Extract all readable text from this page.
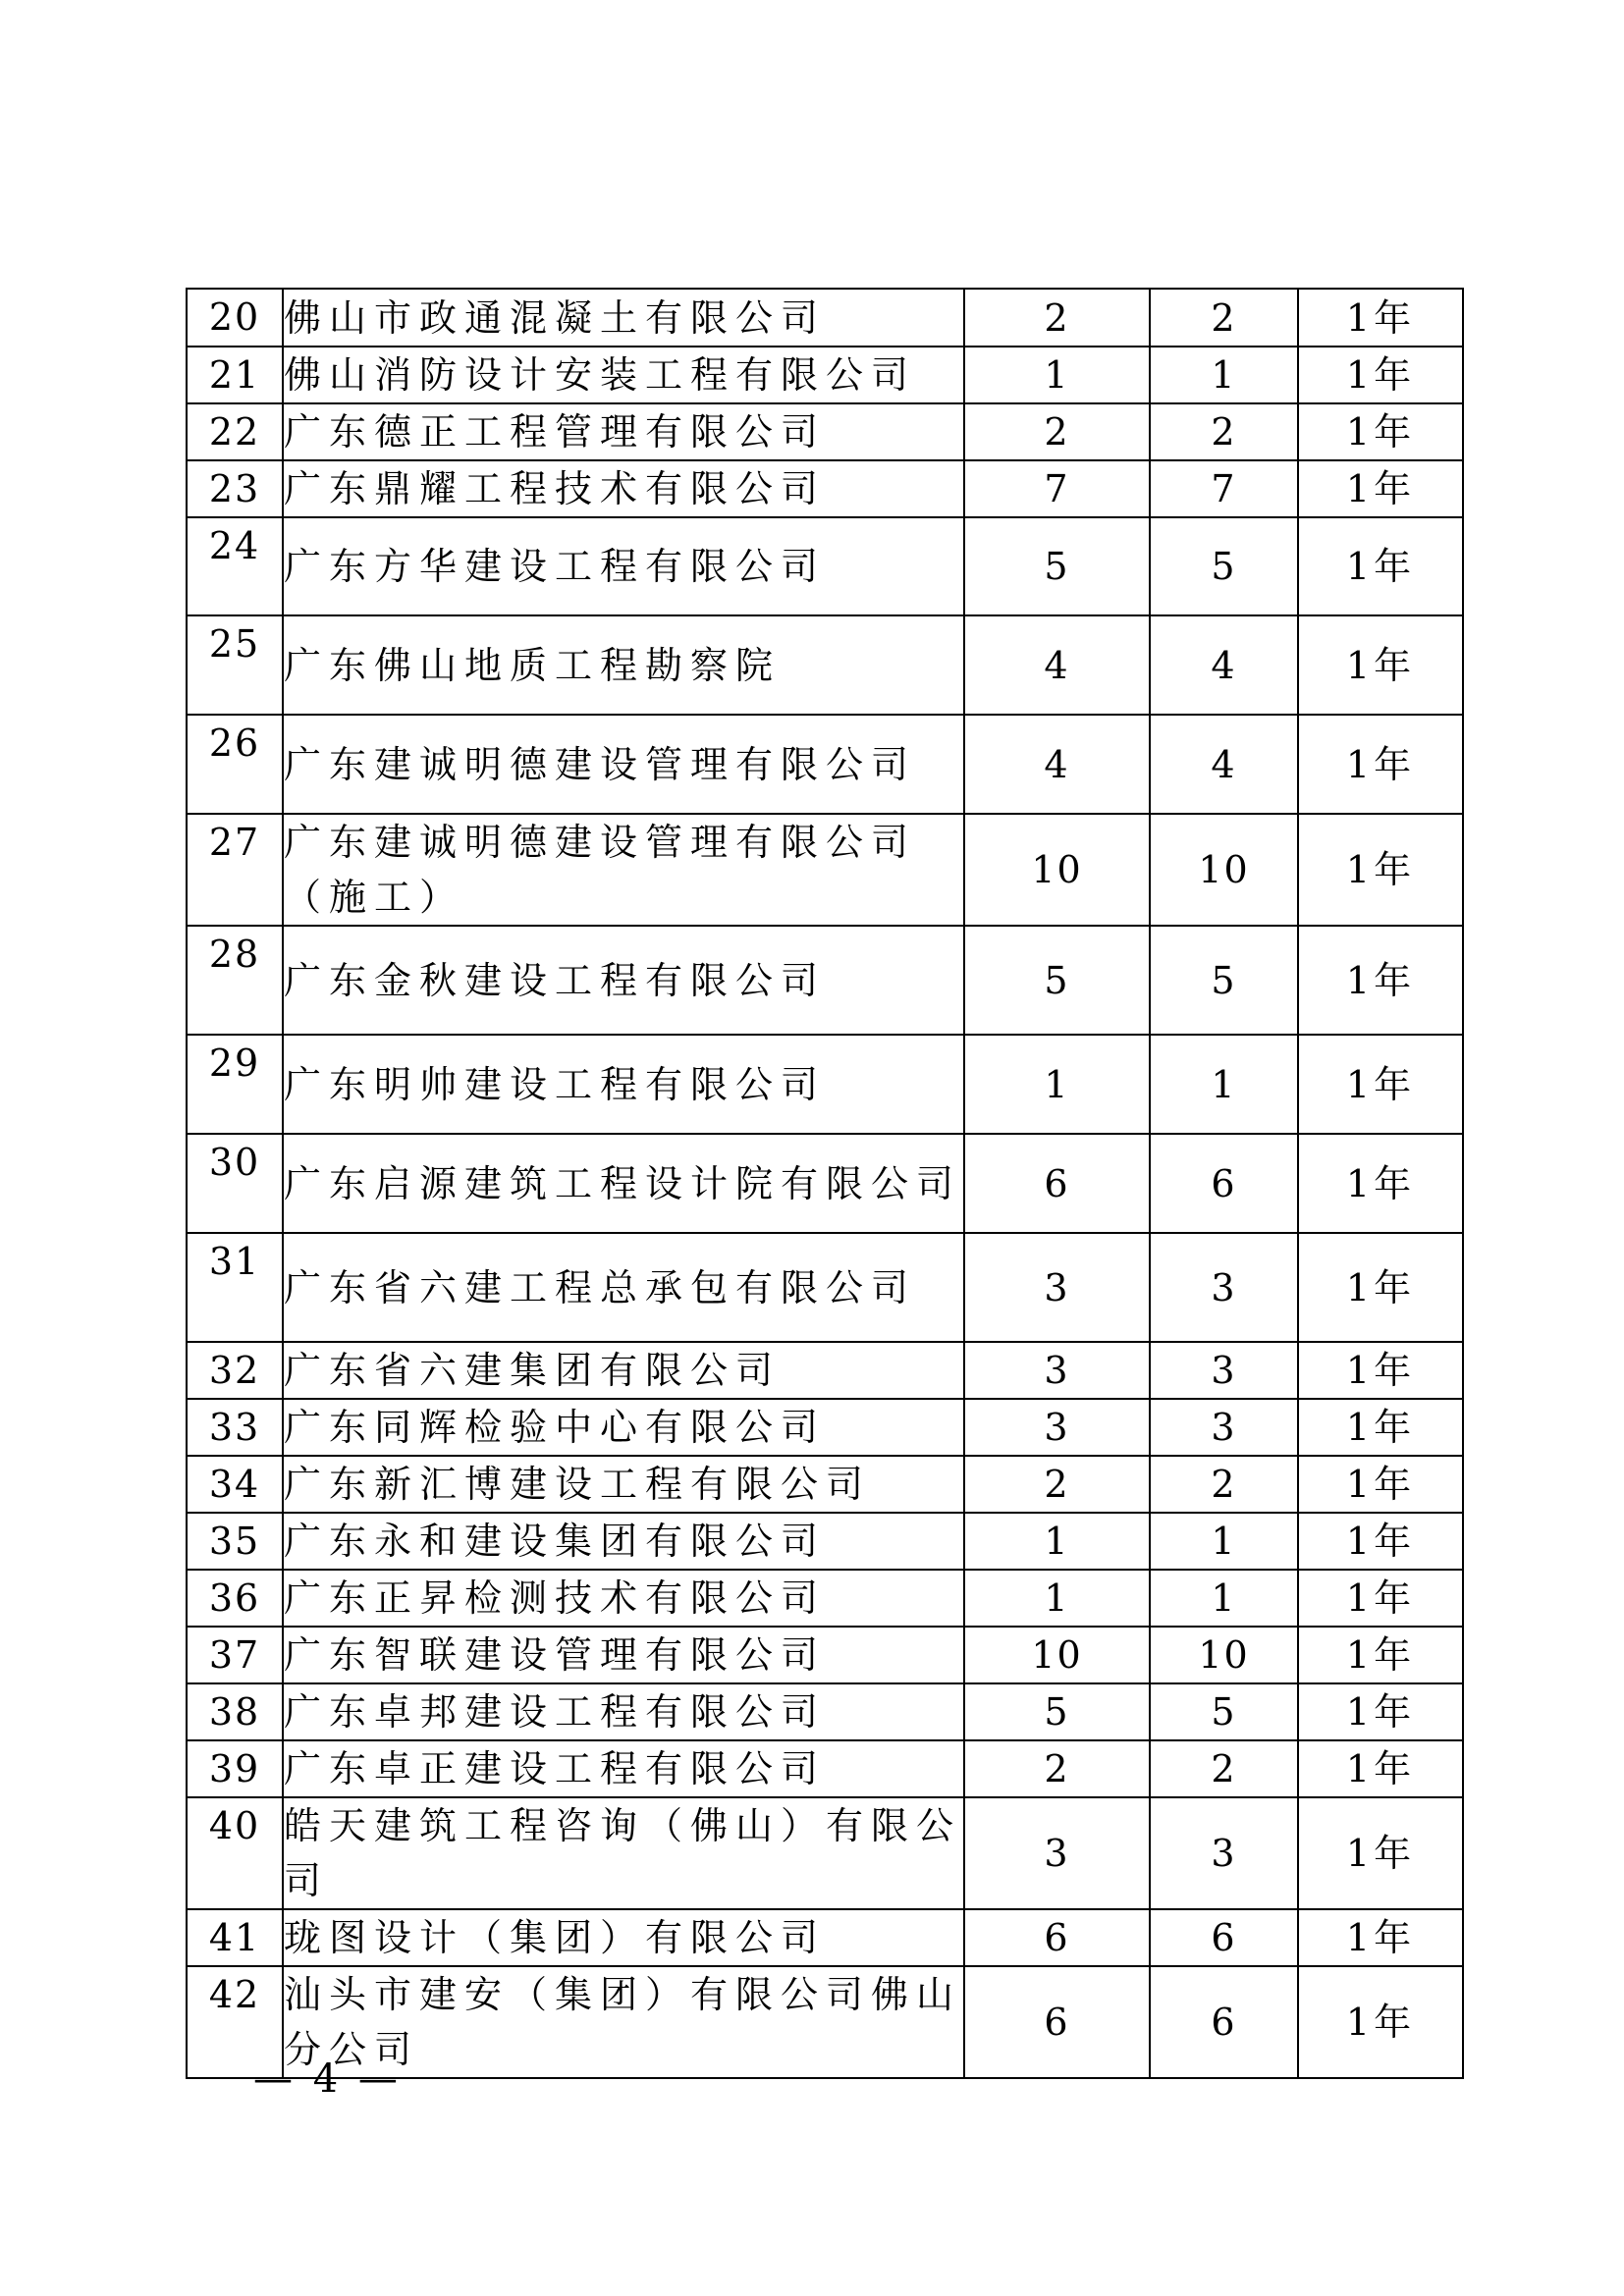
20	佛山市政通混凝土有限公司	2	2	1年
21	佛山消防设计安装工程有限公司	1	1	1年
22	广东德正工程管理有限公司	2	2	1年
23	广东鼎耀工程技术有限公司	7	7	1年
24	广东方华建设工程有限公司	5	5	1年
25	广东佛山地质工程勘察院	4	4	1年
26	广东建诚明德建设管理有限公司	4	4	1年
27	广东建诚明德建设管理有限公司（施工）	10	10	1年
28	广东金秋建设工程有限公司	5	5	1年
29	广东明帅建设工程有限公司	1	1	1年
30	广东启源建筑工程设计院有限公司	6	6	1年
31	广东省六建工程总承包有限公司	3	3	1年
32	广东省六建集团有限公司	3	3	1年
33	广东同辉检验中心有限公司	3	3	1年
34	广东新汇博建设工程有限公司	2	2	1年
35	广东永和建设集团有限公司	1	1	1年
36	广东正昇检测技术有限公司	1	1	1年
37	广东智联建设管理有限公司	10	10	1年
38	广东卓邦建设工程有限公司	5	5	1年
39	广东卓正建设工程有限公司	2	2	1年
40	皓天建筑工程咨询（佛山）有限公司	3	3	1年
41	珑图设计（集团）有限公司	6	6	1年
42	汕头市建安（集团）有限公司佛山分公司	6	6	1年
— 4 —
